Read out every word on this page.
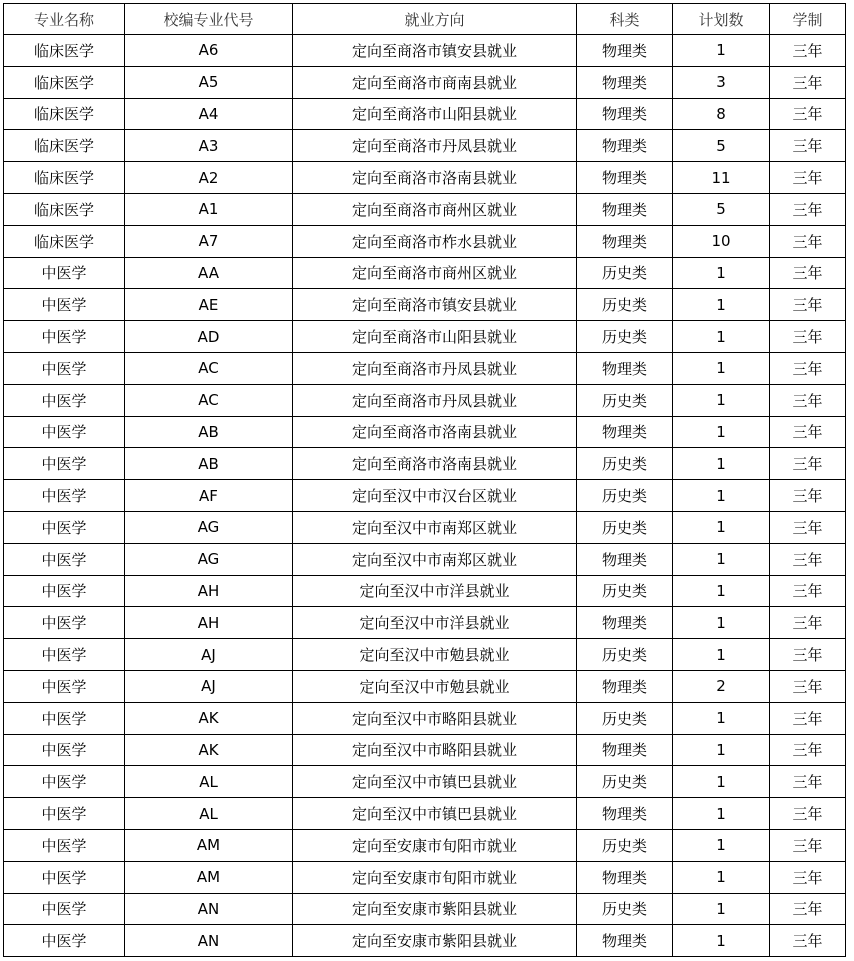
专业名称	校编专业代号	就业方向	科类	计划数	学制
临床医学	A6	定向至商洛市镇安县就业	物理类	1	三年
临床医学	A5	定向至商洛市商南县就业	物理类	3	三年
临床医学	A4	定向至商洛市山阳县就业	物理类	8	三年
临床医学	A3	定向至商洛市丹凤县就业	物理类	5	三年
临床医学	A2	定向至商洛市洛南县就业	物理类	11	三年
临床医学	A1	定向至商洛市商州区就业	物理类	5	三年
临床医学	A7	定向至商洛市柞水县就业	物理类	10	三年
中医学	AA	定向至商洛市商州区就业	历史类	1	三年
中医学	AE	定向至商洛市镇安县就业	历史类	1	三年
中医学	AD	定向至商洛市山阳县就业	历史类	1	三年
中医学	AC	定向至商洛市丹凤县就业	物理类	1	三年
中医学	AC	定向至商洛市丹凤县就业	历史类	1	三年
中医学	AB	定向至商洛市洛南县就业	物理类	1	三年
中医学	AB	定向至商洛市洛南县就业	历史类	1	三年
中医学	AF	定向至汉中市汉台区就业	历史类	1	三年
中医学	AG	定向至汉中市南郑区就业	历史类	1	三年
中医学	AG	定向至汉中市南郑区就业	物理类	1	三年
中医学	AH	定向至汉中市洋县就业	历史类	1	三年
中医学	AH	定向至汉中市洋县就业	物理类	1	三年
中医学	AJ	定向至汉中市勉县就业	历史类	1	三年
中医学	AJ	定向至汉中市勉县就业	物理类	2	三年
中医学	AK	定向至汉中市略阳县就业	历史类	1	三年
中医学	AK	定向至汉中市略阳县就业	物理类	1	三年
中医学	AL	定向至汉中市镇巴县就业	历史类	1	三年
中医学	AL	定向至汉中市镇巴县就业	物理类	1	三年
中医学	AM	定向至安康市旬阳市就业	历史类	1	三年
中医学	AM	定向至安康市旬阳市就业	物理类	1	三年
中医学	AN	定向至安康市紫阳县就业	历史类	1	三年
中医学	AN	定向至安康市紫阳县就业	物理类	1	三年
